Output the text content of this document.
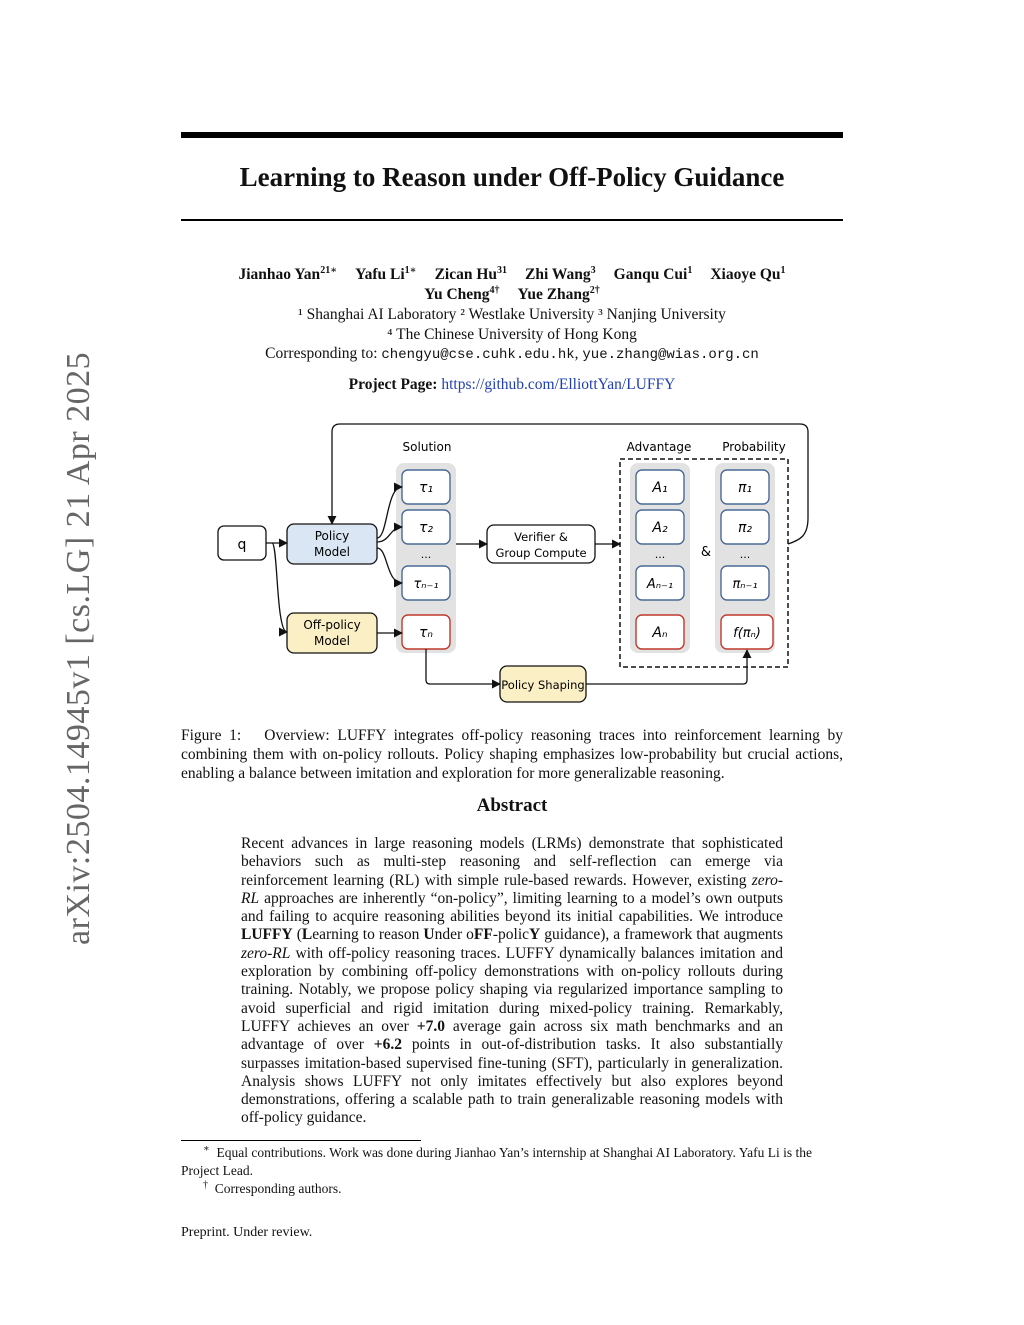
arXiv:2504.14945v1 [cs.LG] 21 Apr 2025
Learning to Reason under Off-Policy Guidance
Jianhao Yan$^{21∗}$ Yafu $Li^{1∗}$ Zican Hu$^{31}$ Zhi Wang$^3$ Ganqu Cui$^1$ Xiaoye Qu$^1$
Yu Cheng$^{4\dagger}$ Yue Zhang$^{2\dagger}$
¹ Shanghai AI Laboratory ² Westlake University ³ Nanjing University
⁴ The Chinese University of Hong Kong
Corresponding to: chengyu@cse.cuhk.edu.hk, yue.zhang@wias.org.cn
Project Page: https://github.com/ElliottYan/LUFFY
Solution	Advantage	Probability
q
Policy
Model
Off-policy
Model
τ₁
τ₂
...
τₙ₋₁
τₙ
Verifier &
Group Compute
A₁
A₂
...
Aₙ₋₁
Aₙ
&
π₁
π₂
...
πₙ₋₁
f(πₙ)
Policy Shaping
Figure 1: Overview: LUFFY integrates off-policy reasoning traces into reinforcement learning by combining them with on-policy rollouts. Policy shaping emphasizes low-probability but crucial actions, enabling a balance between imitation and exploration for more generalizable reasoning.
Abstract
Recent advances in large reasoning models (LRMs) demonstrate that sophisticated behaviors such as multi-step reasoning and self-reflection can emerge via reinforcement learning (RL) with simple rule-based rewards. However, existing zero-RL approaches are inherently “on-policy”, limiting learning to a model’s own outputs and failing to acquire reasoning abilities beyond its initial capabilities. We introduce LUFFY (Learning to reason Under oFF-policY guidance), a framework that augments zero-RL with off-policy reasoning traces. LUFFY dynamically balances imitation and exploration by combining off-policy demonstrations with on-policy rollouts during training. Notably, we propose policy shaping via regularized importance sampling to avoid superficial and rigid imitation during mixed-policy training. Remarkably, LUFFY achieves an over +7.0 average gain across six math benchmarks and an advantage of over +6.2 points in out-of-distribution tasks. It also substantially surpasses imitation-based supervised fine-tuning (SFT), particularly in generalization. Analysis shows LUFFY not only imitates effectively but also explores beyond demonstrations, offering a scalable path to train generalizable reasoning models with off-policy guidance.
∗ Equal contributions. Work was done during Jianhao Yan’s internship at Shanghai AI Laboratory. Yafu Li is the Project Lead.
† Corresponding authors.
Preprint. Under review.
